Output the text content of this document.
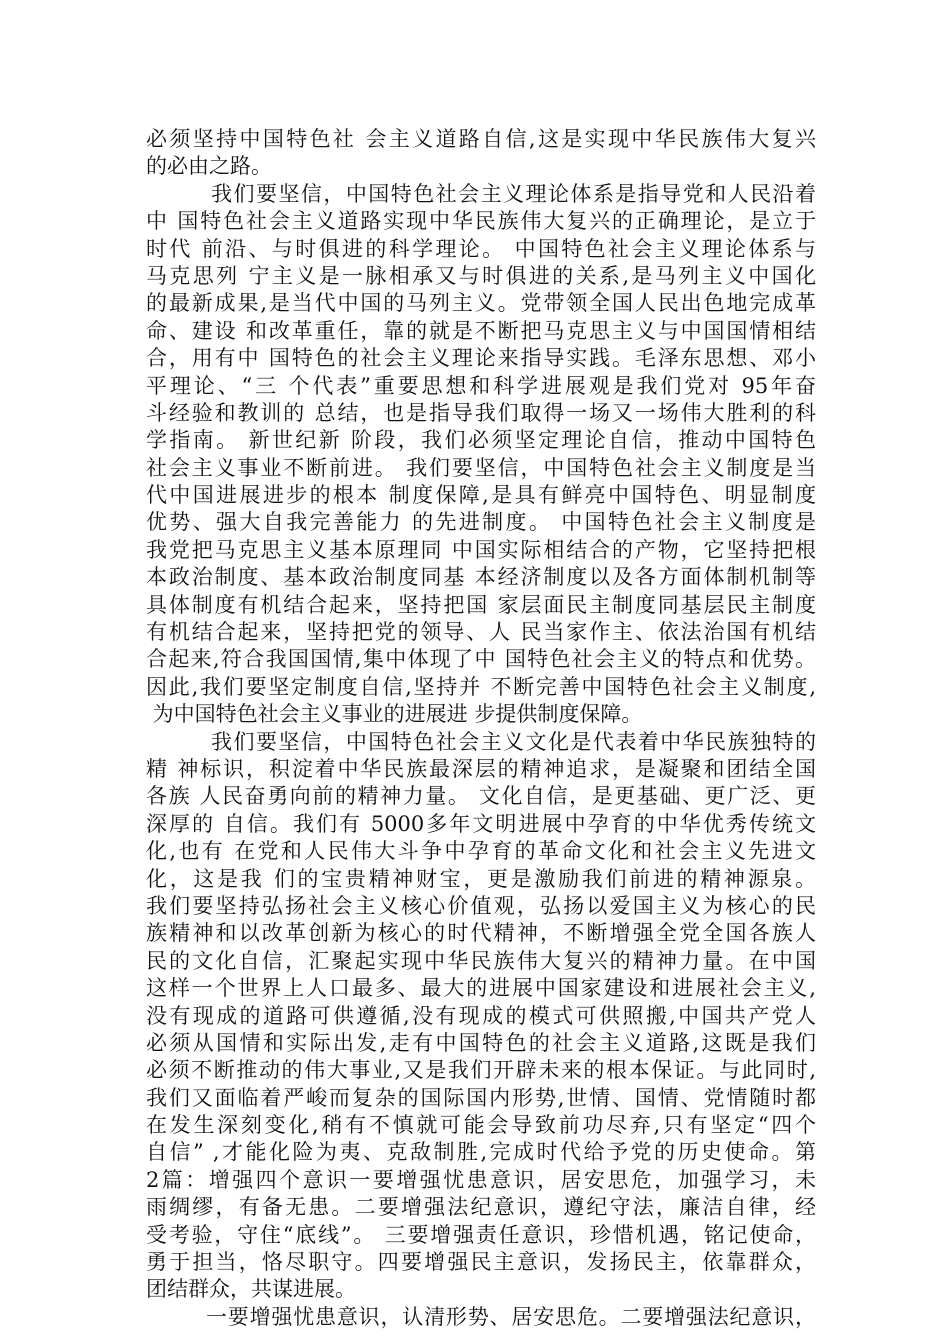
必须坚持中国特色社 会主义道路自信,这是实现中华民族伟大复兴
的必由之路。
我们要坚信，中国特色社会主义理论体系是指导党和人民沿着
中 国特色社会主义道路实现中华民族伟大复兴的正确理论，是立于
时代 前沿、与时俱进的科学理论。 中国特色社会主义理论体系与
马克思列 宁主义是一脉相承又与时俱进的关系,是马列主义中国化
的最新成果,是当代中国的马列主义。党带领全国人民出色地完成革
命、建设 和改革重任，靠的就是不断把马克思主义与中国国情相结
合，用有中 国特色的社会主义理论来指导实践。毛泽东思想、邓小
平理论、“三 个代表”重要思想和科学进展观是我们党对 95年奋
斗经验和教训的 总结，也是指导我们取得一场又一场伟大胜利的科
学指南。 新世纪新 阶段，我们必须坚定理论自信，推动中国特色
社会主义事业不断前进。 我们要坚信，中国特色社会主义制度是当
代中国进展进步的根本 制度保障,是具有鲜亮中国特色、明显制度
优势、强大自我完善能力 的先进制度。 中国特色社会主义制度是
我党把马克思主义基本原理同 中国实际相结合的产物，它坚持把根
本政治制度、基本政治制度同基 本经济制度以及各方面体制机制等
具体制度有机结合起来，坚持把国 家层面民主制度同基层民主制度
有机结合起来，坚持把党的领导、人 民当家作主、依法治国有机结
合起来,符合我国国情,集中体现了中 国特色社会主义的特点和优势。
因此,我们要坚定制度自信,坚持并 不断完善中国特色社会主义制度,
为中国特色社会主义事业的进展进 步提供制度保障。
我们要坚信，中国特色社会主义文化是代表着中华民族独特的
精 神标识，积淀着中华民族最深层的精神追求，是凝聚和团结全国
各族 人民奋勇向前的精神力量。 文化自信，是更基础、更广泛、更
深厚的 自信。我们有 5000多年文明进展中孕育的中华优秀传统文
化,也有 在党和人民伟大斗争中孕育的革命文化和社会主义先进文
化，这是我 们的宝贵精神财宝，更是激励我们前进的精神源泉。
我们要坚持弘扬社会主义核心价值观，弘扬以爱国主义为核心的民
族精神和以改革创新为核心的时代精神，不断增强全党全国各族人
民的文化自信，汇聚起实现中华民族伟大复兴的精神力量。在中国
这样一个世界上人口最多、最大的进展中国家建设和进展社会主义,
没有现成的道路可供遵循,没有现成的模式可供照搬,中国共产党人
必须从国情和实际出发,走有中国特色的社会主义道路,这既是我们
必须不断推动的伟大事业,又是我们开辟未来的根本保证。与此同时,
我们又面临着严峻而复杂的国际国内形势,世情、国情、党情随时都
在发生深刻变化,稍有不慎就可能会导致前功尽弃,只有坚定“四个
自信” ,才能化险为夷、克敌制胜,完成时代给予党的历史使命。第
2篇：增强四个意识一要增强忧患意识，居安思危，加强学习，未
雨绸缪，有备无患。二要增强法纪意识，遵纪守法，廉洁自律，经
受考验，守住“底线”。 三要增强责任意识，珍惜机遇，铭记使命，
勇于担当，恪尽职守。四要增强民主意识，发扬民主，依靠群众，
团结群众，共谋进展。
一要增强忧患意识，认清形势、居安思危。二要增强法纪意识，
